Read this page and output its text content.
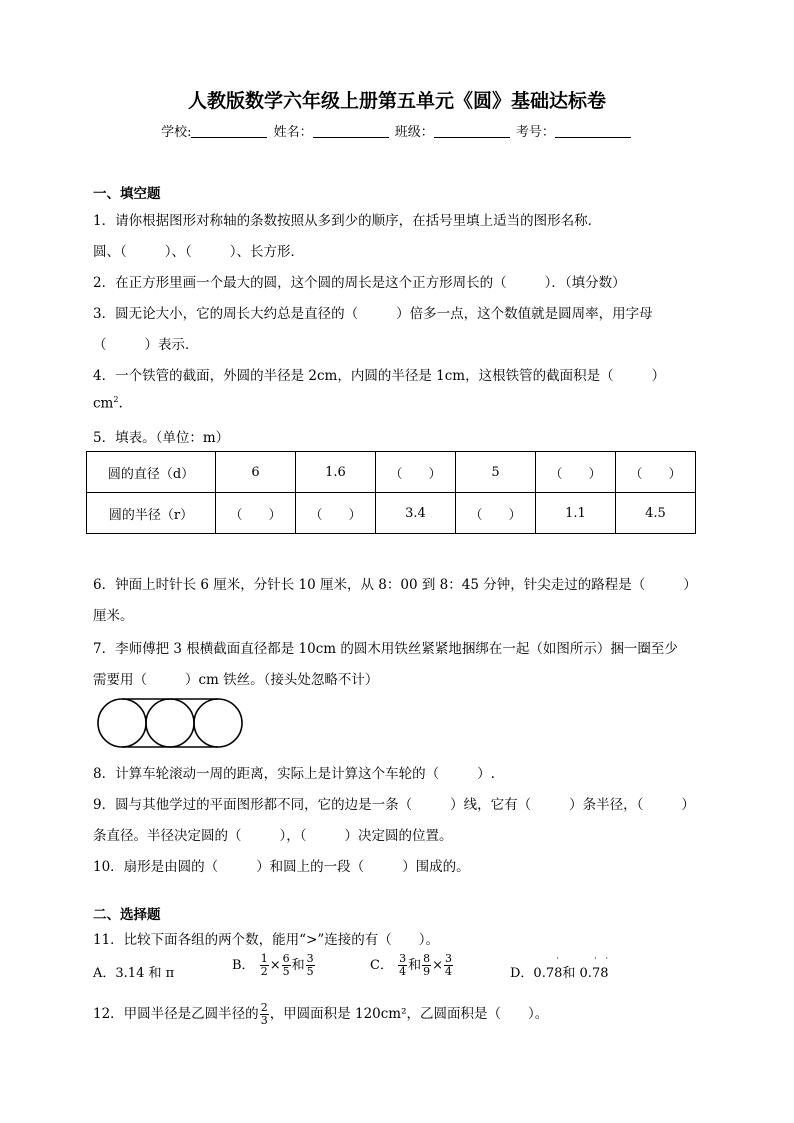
人教版数学六年级上册第五单元《圆》基础达标卷
学校:	姓名：	班级：	考号：
一、填空题
1．请你根据图形对称轴的条数按照从多到少的顺序，在括号里填上适当的图形名称．
圆、（	）、（	）、长方形．
2．在正方形里画一个最大的圆，这个圆的周长是这个正方形周长的（	）．（填分数）
3．圆无论大小，它的周长大约总是直径的（	）倍多一点，这个数值就是圆周率，用字母
（	）表示．
4．一个铁管的截面，外圆的半径是 2cm，内圆的半径是 1cm，这根铁管的截面积是（	）
$cm^2$.
5．填表。（单位：m）
圆的直径（d）	6	1.6	（　　）	5	（　　）	（　　）
圆的半径（r）	（　　）	（　　）	3.4	（　　）	1.1	4.5
6．钟面上时针长 6 厘米，分针长 10 厘米，从 8：00 到 8：45 分钟，针尖走过的路程是（	）
厘米。
7．李师傅把 3 根横截面直径都是 10cm 的圆木用铁丝紧紧地捆绑在一起（如图所示）捆一圈至少
需要用（	）cm 铁丝。（接头处忽略不计）
8．计算车轮滚动一周的距离，实际上是计算这个车轮的（	）.
9．圆与其他学过的平面图形都不同，它的边是一条（	）线，它有（	）条半径，（	）
条直径。半径决定圆的（	），（	）决定圆的位置。
10．扇形是由圆的（	）和圆上的一段（	）围成的。
二、选择题
11．比较下面各组的两个数，能用“>”连接的有（　　）。
A．3.14 和 π
B． $\frac{1}{2} \times \frac{6}{5}$ 和 $\frac{3}{5}$	C． $\frac{3}{4}$ 和 $\frac{8}{9} \times \frac{3}{4}$	D．0.7
˙
8和 0.
˙  ˙
78
12．甲圆半径是乙圆半径的 $\frac{2}{3}$ ，甲圆面积是 120cm²，乙圆面积是（　　）。
